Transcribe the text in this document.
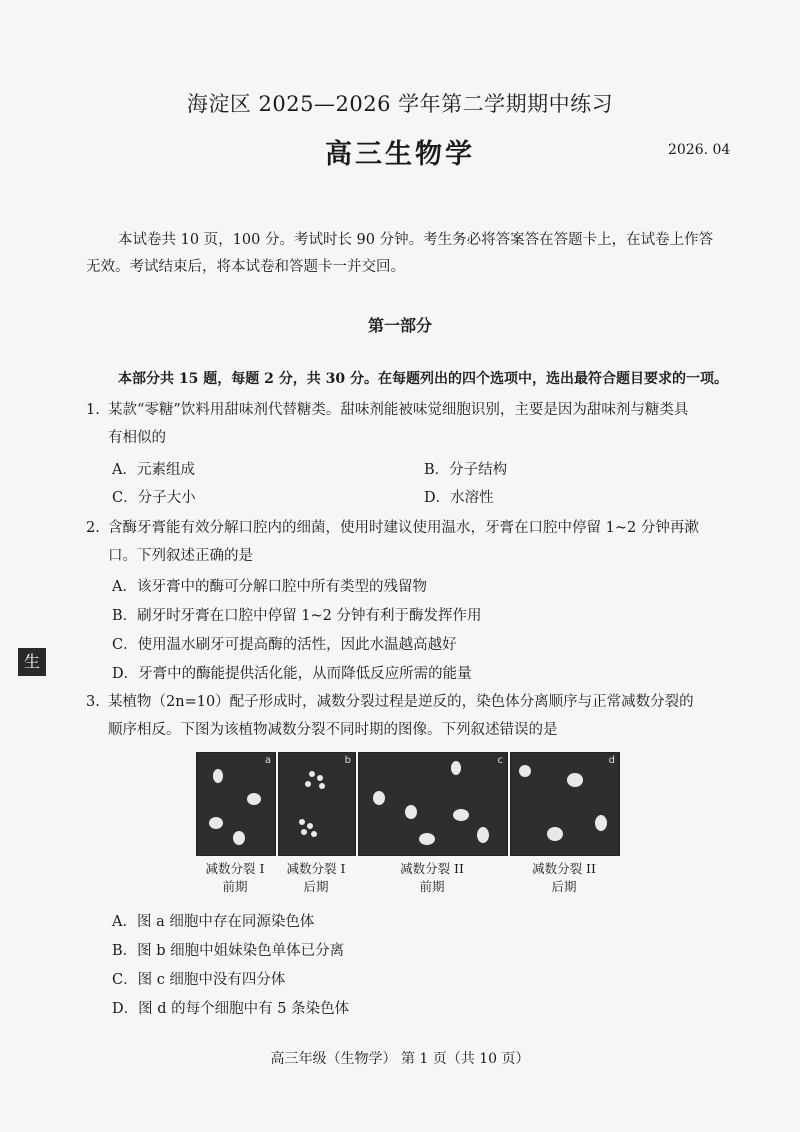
海淀区 2025—2026 学年第二学期期中练习
高三生物学	2026. 04
本试卷共 10 页，100 分。考试时长 90 分钟。考生务必将答案答在答题卡上，在试卷上作答无效。考试结束后，将本试卷和答题卡一并交回。
第一部分
本部分共 15 题，每题 2 分，共 30 分。在每题列出的四个选项中，选出最符合题目要求的一项。
1. 某款“零糖”饮料用甜味剂代替糖类。甜味剂能被味觉细胞识别，主要是因为甜味剂与糖类具
有相似的
A．元素组成	B．分子结构
C．分子大小	D．水溶性
2. 含酶牙膏能有效分解口腔内的细菌，使用时建议使用温水，牙膏在口腔中停留 1~2 分钟再漱
口。下列叙述正确的是
A．该牙膏中的酶可分解口腔中所有类型的残留物
B．刷牙时牙膏在口腔中停留 1~2 分钟有利于酶发挥作用
C．使用温水刷牙可提高酶的活性，因此水温越高越好
D．牙膏中的酶能提供活化能，从而降低反应所需的能量
生
3. 某植物（2n=10）配子形成时，减数分裂过程是逆反的，染色体分离顺序与正常减数分裂的
顺序相反。下图为该植物减数分裂不同时期的图像。下列叙述错误的是
a	b	c	d
减数分裂 I
前期
减数分裂 I
后期
减数分裂 II
前期
减数分裂 II
后期
A．图 a 细胞中存在同源染色体
B．图 b 细胞中姐妹染色单体已分离
C．图 c 细胞中没有四分体
D．图 d 的每个细胞中有 5 条染色体
高三年级（生物学） 第 1 页（共 10 页）
